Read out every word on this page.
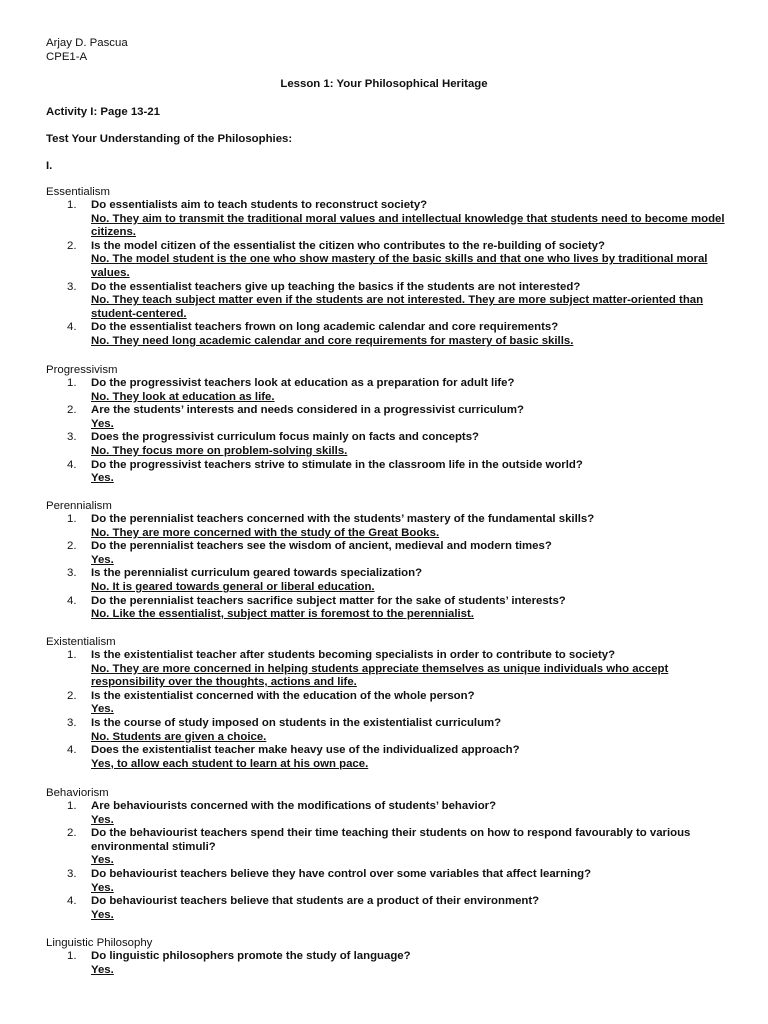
Arjay D. Pascua
CPE1-A
Lesson 1: Your Philosophical Heritage
Activity I: Page 13-21
Test Your Understanding of the Philosophies:
I.
Essentialism
1. Do essentialists aim to teach students to reconstruct society?
No. They aim to transmit the traditional moral values and intellectual knowledge that students need to become model citizens.
2. Is the model citizen of the essentialist the citizen who contributes to the re-building of society?
No. The model student is the one who show mastery of the basic skills and that one who lives by traditional moral values.
3. Do the essentialist teachers give up teaching the basics if the students are not interested?
No. They teach subject matter even if the students are not interested. They are more subject matter-oriented than student-centered.
4. Do the essentialist teachers frown on long academic calendar and core requirements?
No. They need long academic calendar and core requirements for mastery of basic skills.
Progressivism
1. Do the progressivist teachers look at education as a preparation for adult life?
No. They look at education as life.
2. Are the students’ interests and needs considered in a progressivist curriculum?
Yes.
3. Does the progressivist curriculum focus mainly on facts and concepts?
No. They focus more on problem-solving skills.
4. Do the progressivist teachers strive to stimulate in the classroom life in the outside world?
Yes.
Perennialism
1. Do the perennialist teachers concerned with the students’ mastery of the fundamental skills?
No. They are more concerned with the study of the Great Books.
2. Do the perennialist teachers see the wisdom of ancient, medieval and modern times?
Yes.
3. Is the perennialist curriculum geared towards specialization?
No. It is geared towards general or liberal education.
4. Do the perennialist teachers sacrifice subject matter for the sake of students’ interests?
No. Like the essentialist, subject matter is foremost to the perennialist.
Existentialism
1. Is the existentialist teacher after students becoming specialists in order to contribute to society?
No. They are more concerned in helping students appreciate themselves as unique individuals who accept responsibility over the thoughts, actions and life.
2. Is the existentialist concerned with the education of the whole person?
Yes.
3. Is the course of study imposed on students in the existentialist curriculum?
No. Students are given a choice.
4. Does the existentialist teacher make heavy use of the individualized approach?
Yes, to allow each student to learn at his own pace.
Behaviorism
1. Are behaviourists concerned with the modifications of students’ behavior?
Yes.
2. Do the behaviourist teachers spend their time teaching their students on how to respond favourably to various environmental stimuli?
Yes.
3. Do behaviourist teachers believe they have control over some variables that affect learning?
Yes.
4. Do behaviourist teachers believe that students are a product of their environment?
Yes.
Linguistic Philosophy
1. Do linguistic philosophers promote the study of language?
Yes.
